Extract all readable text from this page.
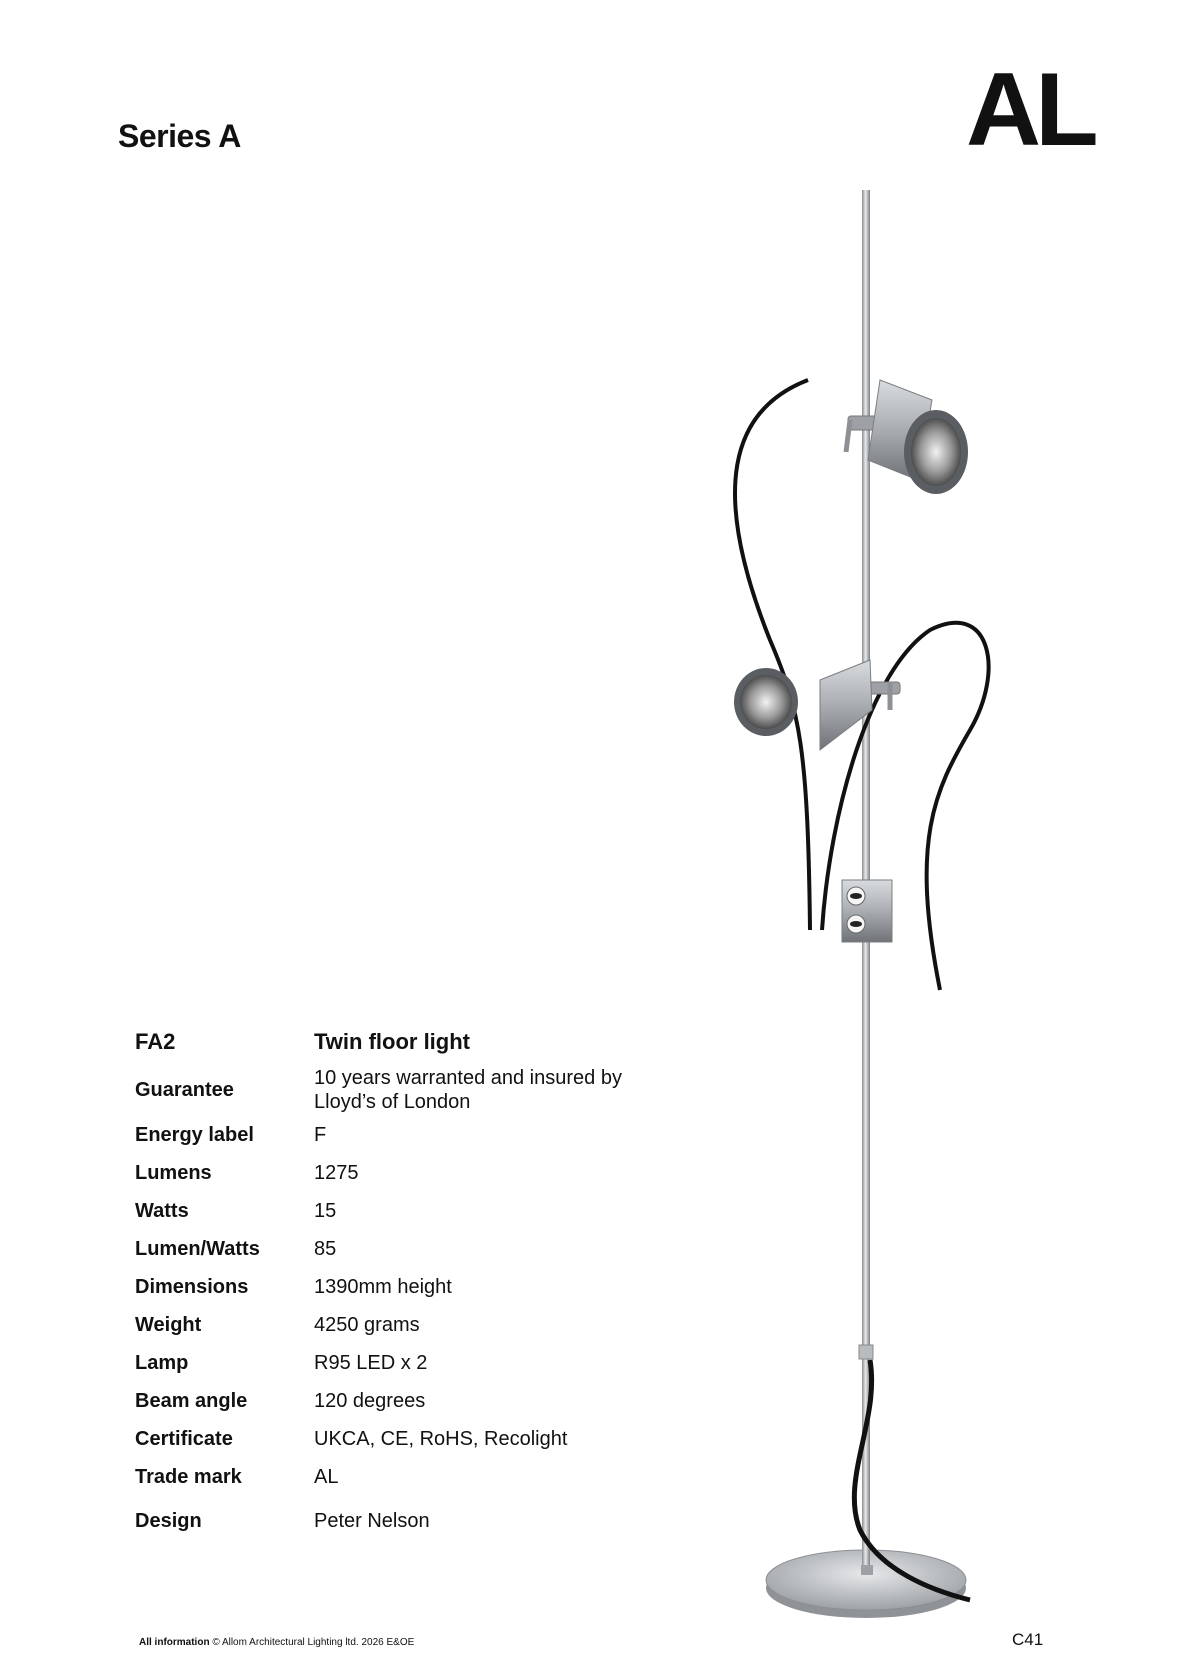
Series A	AL
FA2	Twin floor light
Guarantee	10 years warranted and insured by Lloyd’s of London
Energy label	F
Lumens	1275
Watts	15
Lumen/Watts	85
Dimensions	1390mm height
Weight	4250 grams
Lamp	R95 LED x 2
Beam angle	120 degrees
Certificate	UKCA, CE, RoHS, Recolight
Trade mark	AL
Design	Peter Nelson
All information © Allom Architectural Lighting ltd. 2026 E&OE	C41
